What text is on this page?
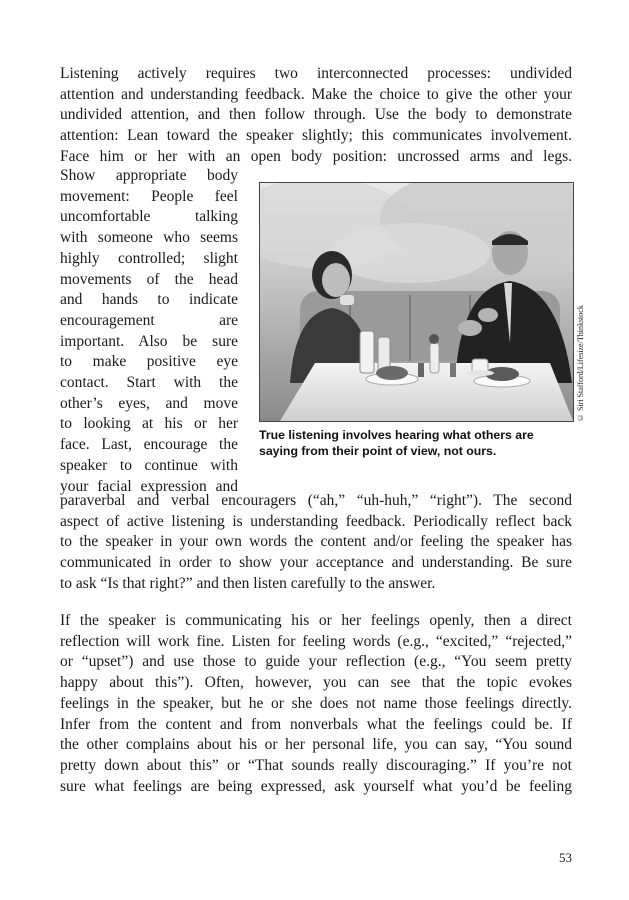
Listening actively requires two interconnected processes: undivided
attention and understanding feedback. Make the choice to give the other your
undivided attention, and then follow through. Use the body to demonstrate
attention: Lean toward the speaker slightly; this communicates involvement.
Face him or her with an open body position: uncrossed arms and legs.
Show appropriate body
movement: People feel
uncomfortable talking
with someone who seems
highly controlled; slight
movements of the head
and hands to indicate
encouragement are
important. Also be sure
to make positive eye
contact. Start with the
other’s eyes, and move
to looking at his or her
face. Last, encourage the
speaker to continue with
your facial expression and
© Siri Stafford/Lifesize/Thinkstock
True listening involves hearing what others are saying from their point of view, not ours.
paraverbal and verbal encouragers (“ah,” “uh-huh,” “right”). The second
aspect of active listening is understanding feedback. Periodically reflect back
to the speaker in your own words the content and/or feeling the speaker has
communicated in order to show your acceptance and understanding. Be sure
to ask “Is that right?” and then listen carefully to the answer.
If the speaker is communicating his or her feelings openly, then a direct
reflection will work fine. Listen for feeling words (e.g., “excited,” “rejected,”
or “upset”) and use those to guide your reflection (e.g., “You seem pretty
happy about this”). Often, however, you can see that the topic evokes
feelings in the speaker, but he or she does not name those feelings directly.
Infer from the content and from nonverbals what the feelings could be. If
the other complains about his or her personal life, you can say, “You sound
pretty down about this” or “That sounds really discouraging.” If you’re not
sure what feelings are being expressed, ask yourself what you’d be feeling
53
